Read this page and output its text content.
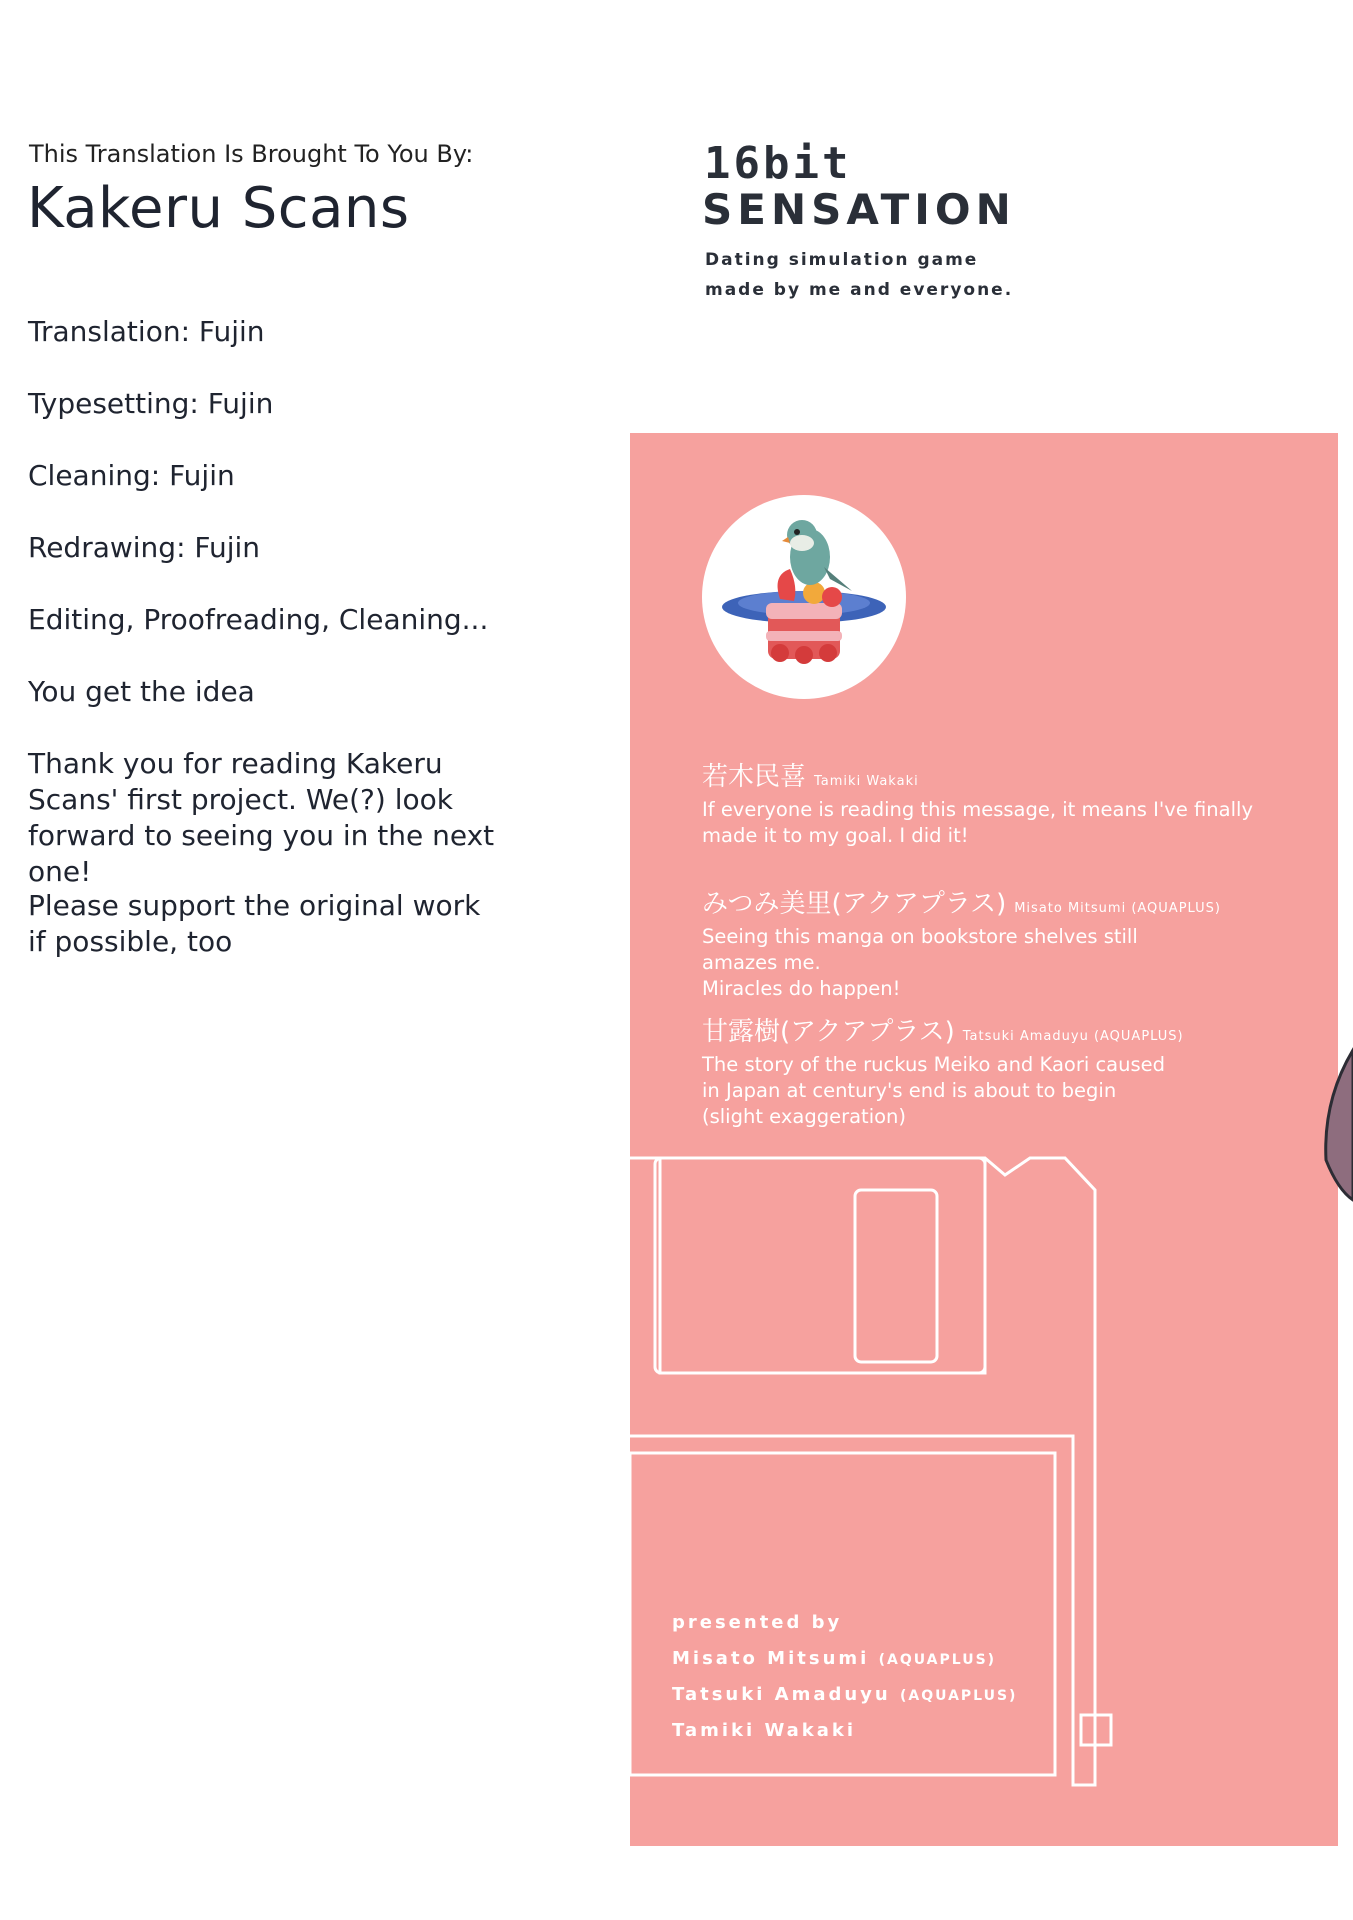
This Translation Is Brought To You By:
Kakeru Scans
Translation: Fujin
Typesetting: Fujin
Cleaning: Fujin
Redrawing: Fujin
Editing, Proofreading, Cleaning...
You get the idea
Thank you for reading Kakeru Scans' first project. We(?) look forward to seeing you in the next one!
Please support the original work if possible, too
16bit
SENSATION
Dating simulation game
made by me and everyone.
若木民喜 Tamiki Wakaki
If everyone is reading this message, it means I've finally made it to my goal. I did it!
みつみ美里(アクアプラス) Misato Mitsumi (AQUAPLUS)
Seeing this manga on bookstore shelves still
amazes me.
Miracles do happen!
甘露樹(アクアプラス) Tatsuki Amaduyu (AQUAPLUS)
The story of the ruckus Meiko and Kaori caused
in Japan at century's end is about to begin
(slight exaggeration)
presented by
Misato Mitsumi (AQUAPLUS)
Tatsuki Amaduyu (AQUAPLUS)
Tamiki Wakaki
